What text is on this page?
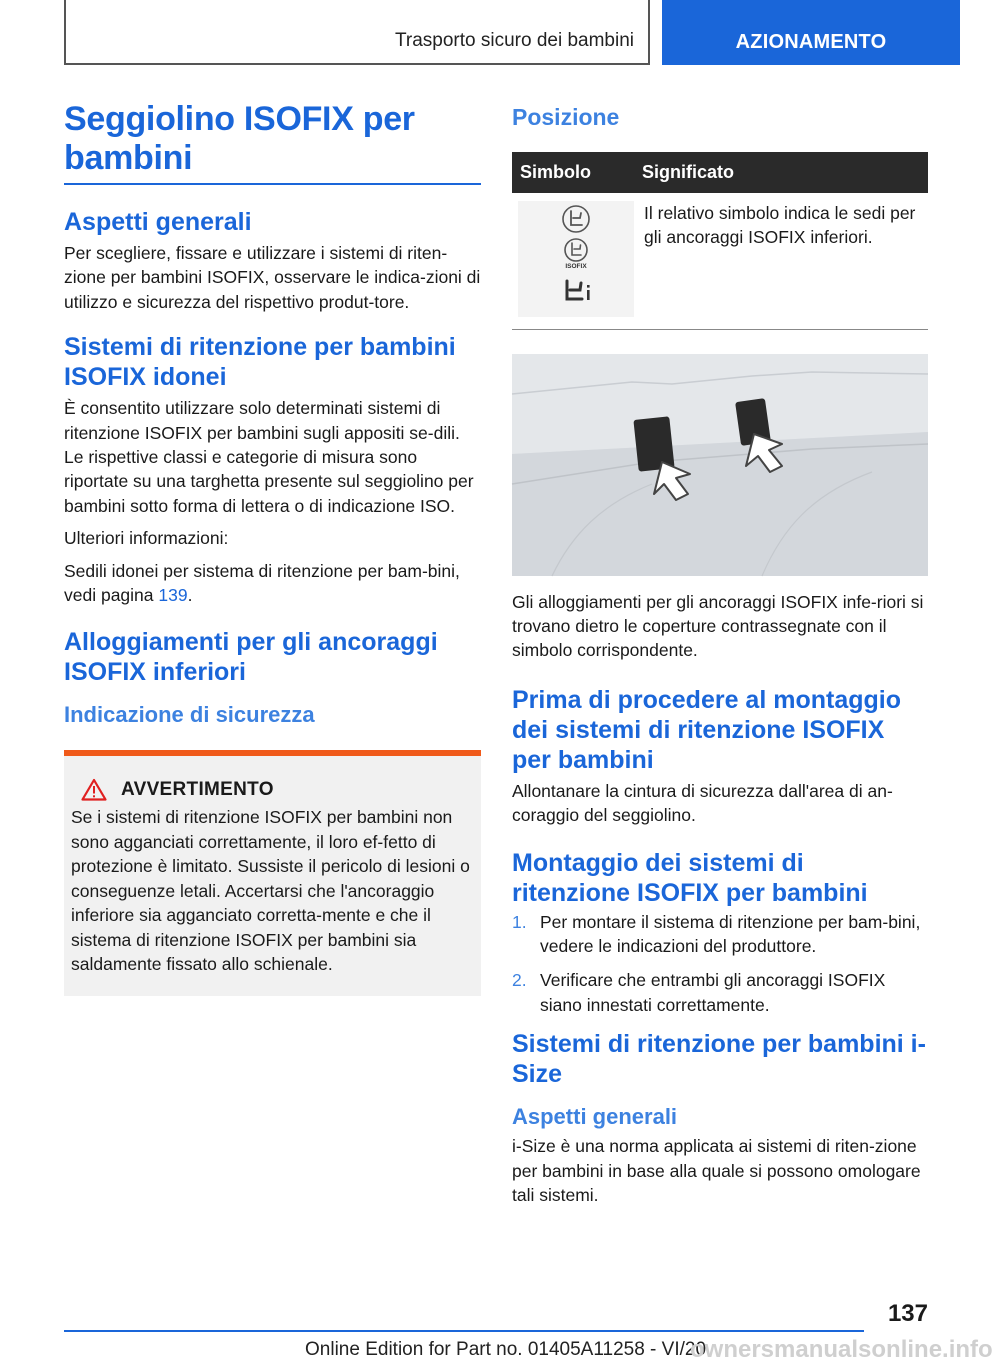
Trasporto sicuro dei bambini	AZIONAMENTO
Seggiolino ISOFIX per bambini
Aspetti generali

Per scegliere, fissare e utilizzare i sistemi di riten-zione per bambini ISOFIX, osservare le indica-zioni di utilizzo e sicurezza del rispettivo produt-tore.

Sistemi di ritenzione per bambini ISOFIX idonei

È consentito utilizzare solo determinati sistemi di ritenzione ISOFIX per bambini sugli appositi se-dili. Le rispettive classi e categorie di misura sono riportate su una targhetta presente sul seggiolino per bambini sotto forma di lettera o di indicazione ISO.

Ulteriori informazioni:

Sedili idonei per sistema di ritenzione per bam-bini, vedi pagina 139.

Alloggiamenti per gli ancoraggi ISOFIX inferiori
Indicazione di sicurezza
AVVERTIMENTO

Se i sistemi di ritenzione ISOFIX per bambini non sono agganciati correttamente, il loro ef-fetto di protezione è limitato. Sussiste il pericolo di lesioni o conseguenze letali. Accertarsi che l'ancoraggio inferiore sia agganciato corretta-mente e che il sistema di ritenzione ISOFIX per bambini sia saldamente fissato allo schienale.

Posizione
Simbolo	Significato

ISOFIX	Il relativo simbolo indica le sedi per gli ancoraggi ISOFIX inferiori.

Gli alloggiamenti per gli ancoraggi ISOFIX infe-riori si trovano dietro le coperture contrassegnate con il simbolo corrispondente.

Prima di procedere al montaggio dei sistemi di ritenzione ISOFIX per bambini

Allontanare la cintura di sicurezza dall'area di an-coraggio del seggiolino.

Montaggio dei sistemi di ritenzione ISOFIX per bambini
1. Per montare il sistema di ritenzione per bam-bini, vedere le indicazioni del produttore.
2. Verificare che entrambi gli ancoraggi ISOFIX siano innestati correttamente.
Sistemi di ritenzione per bambini i-Size
Aspetti generali

i-Size è una norma applicata ai sistemi di riten-zione per bambini in base alla quale si possono omologare tali sistemi.

137
Online Edition for Part no. 01405A11258 - VI/20
ownersmanualsonline.info
